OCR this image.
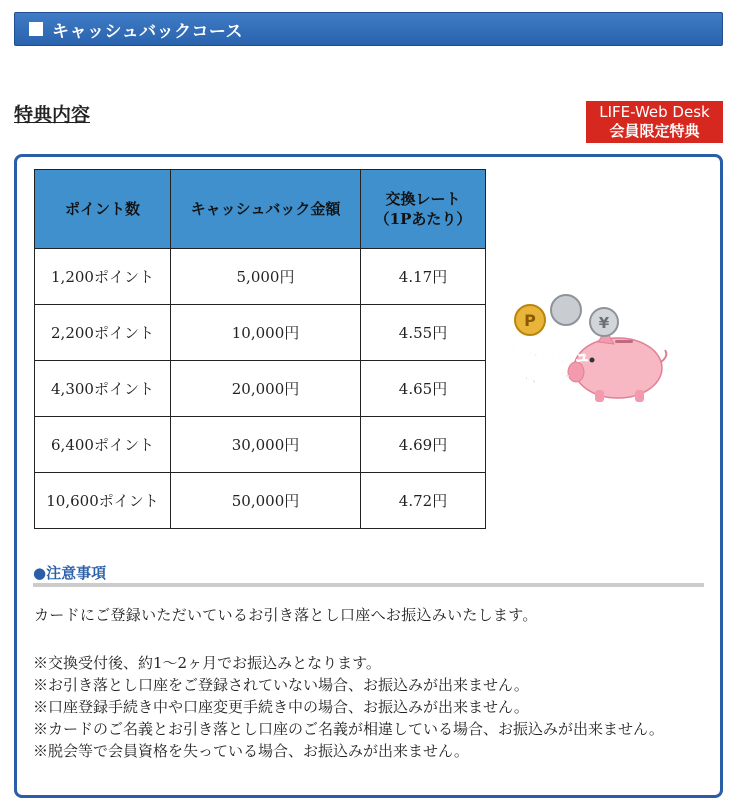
キャッシュバックコース
特典内容	LIFE-Web Desk
会員限定特典
ポイント数	キャッシュバック金額	交換レート
（1Pあたり）
1,200ポイント	5,000円	4.17円
2,200ポイント	10,000円	4.55円
4,300ポイント	20,000円	4.65円
6,400ポイント	30,000円	4.69円
10,600ポイント	50,000円	4.72円
P	¥
キャッシュ
バック
●注意事項
カードにご登録いただいているお引き落とし口座へお振込みいたします。
※交換受付後、約1〜2ヶ月でお振込みとなります。
※お引き落とし口座をご登録されていない場合、お振込みが出来ません。
※口座登録手続き中や口座変更手続き中の場合、お振込みが出来ません。
※カードのご名義とお引き落とし口座のご名義が相違している場合、お振込みが出来ません。
※脱会等で会員資格を失っている場合、お振込みが出来ません。
